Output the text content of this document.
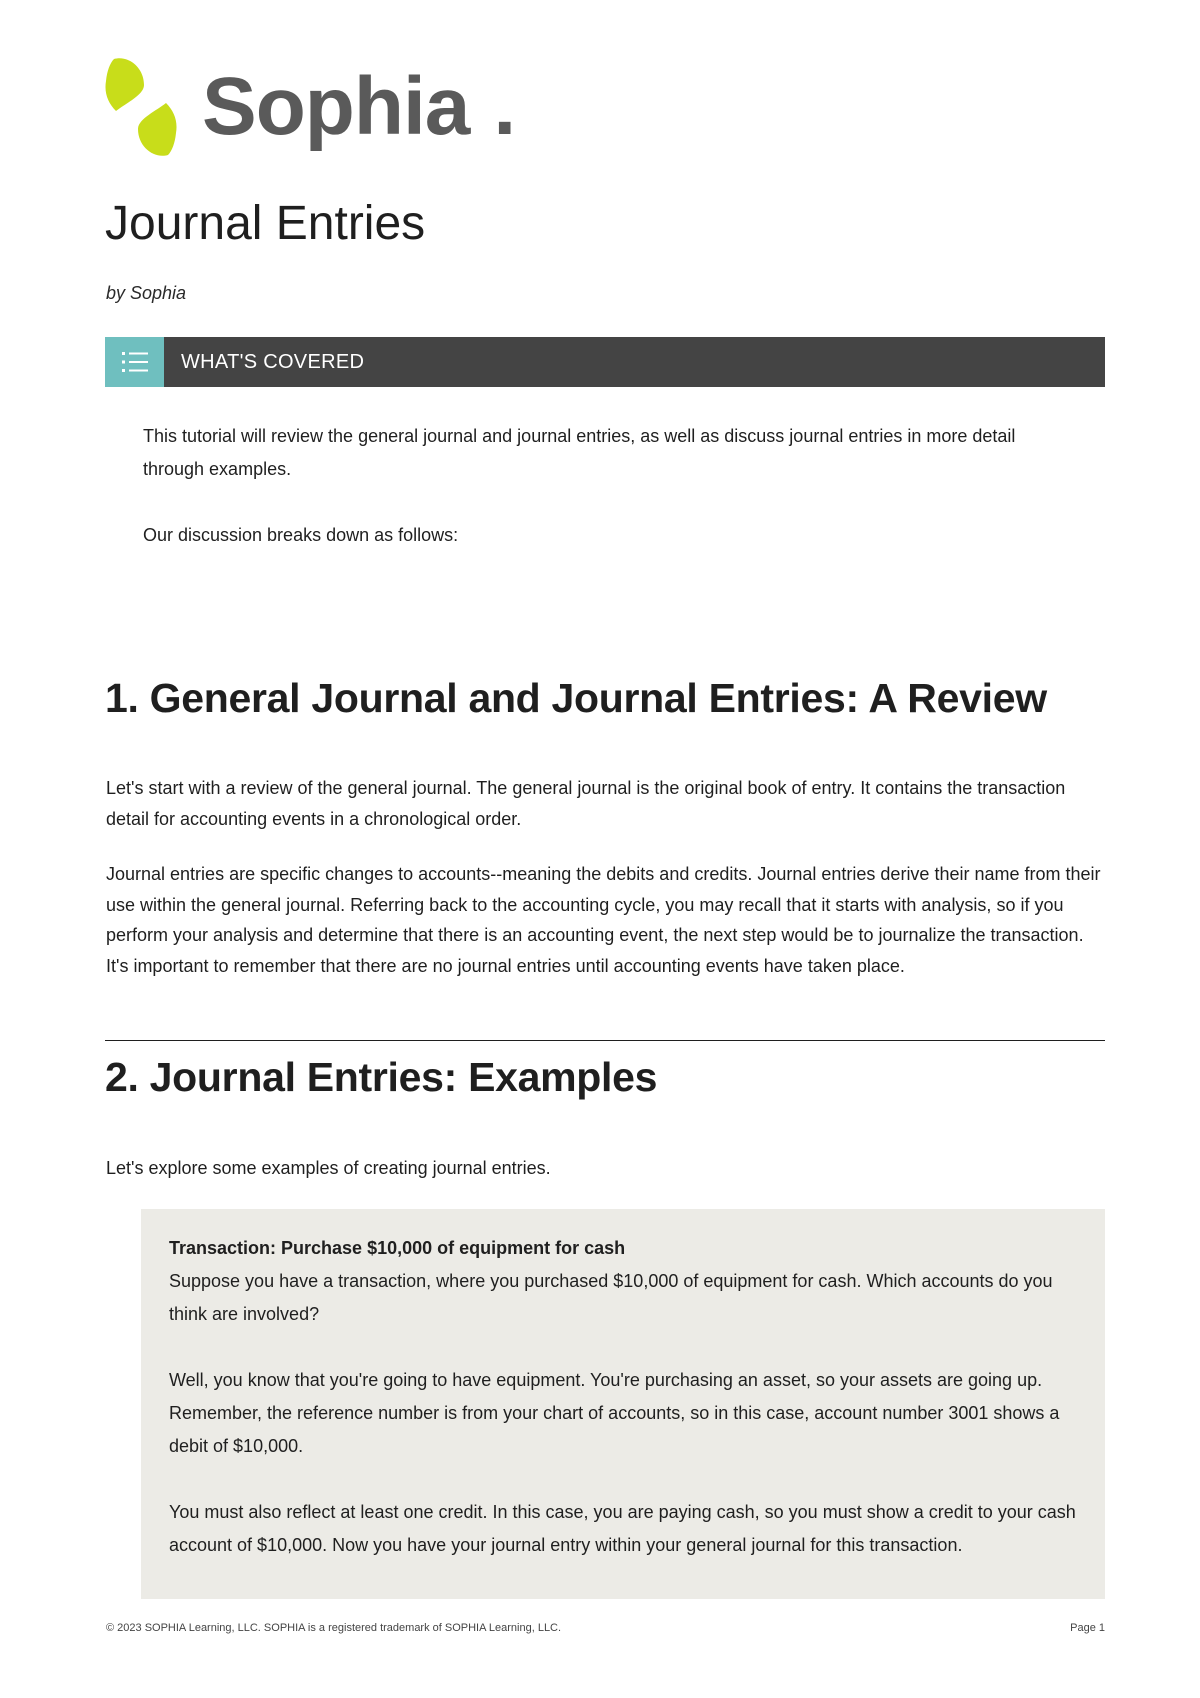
Sophia .
Journal Entries
by Sophia
WHAT'S COVERED

This tutorial will review the general journal and journal entries, as well as discuss journal entries in more detail through examples.

Our discussion breaks down as follows:

1. General Journal and Journal Entries: A Review

Let's start with a review of the general journal. The general journal is the original book of entry. It contains the transaction detail for accounting events in a chronological order.

Journal entries are specific changes to accounts--meaning the debits and credits. Journal entries derive their name from their use within the general journal. Referring back to the accounting cycle, you may recall that it starts with analysis, so if you perform your analysis and determine that there is an accounting event, the next step would be to journalize the transaction. It's important to remember that there are no journal entries until accounting events have taken place.

2. Journal Entries: Examples

Let's explore some examples of creating journal entries.

Transaction: Purchase $10,000 of equipment for cash

Suppose you have a transaction, where you purchased $10,000 of equipment for cash. Which accounts do you think are involved?

Well, you know that you're going to have equipment. You're purchasing an asset, so your assets are going up. Remember, the reference number is from your chart of accounts, so in this case, account number 3001 shows a debit of $10,000.

You must also reflect at least one credit. In this case, you are paying cash, so you must show a credit to your cash account of $10,000. Now you have your journal entry within your general journal for this transaction.

© 2023 SOPHIA Learning, LLC. SOPHIA is a registered trademark of SOPHIA Learning, LLC.	Page 1
